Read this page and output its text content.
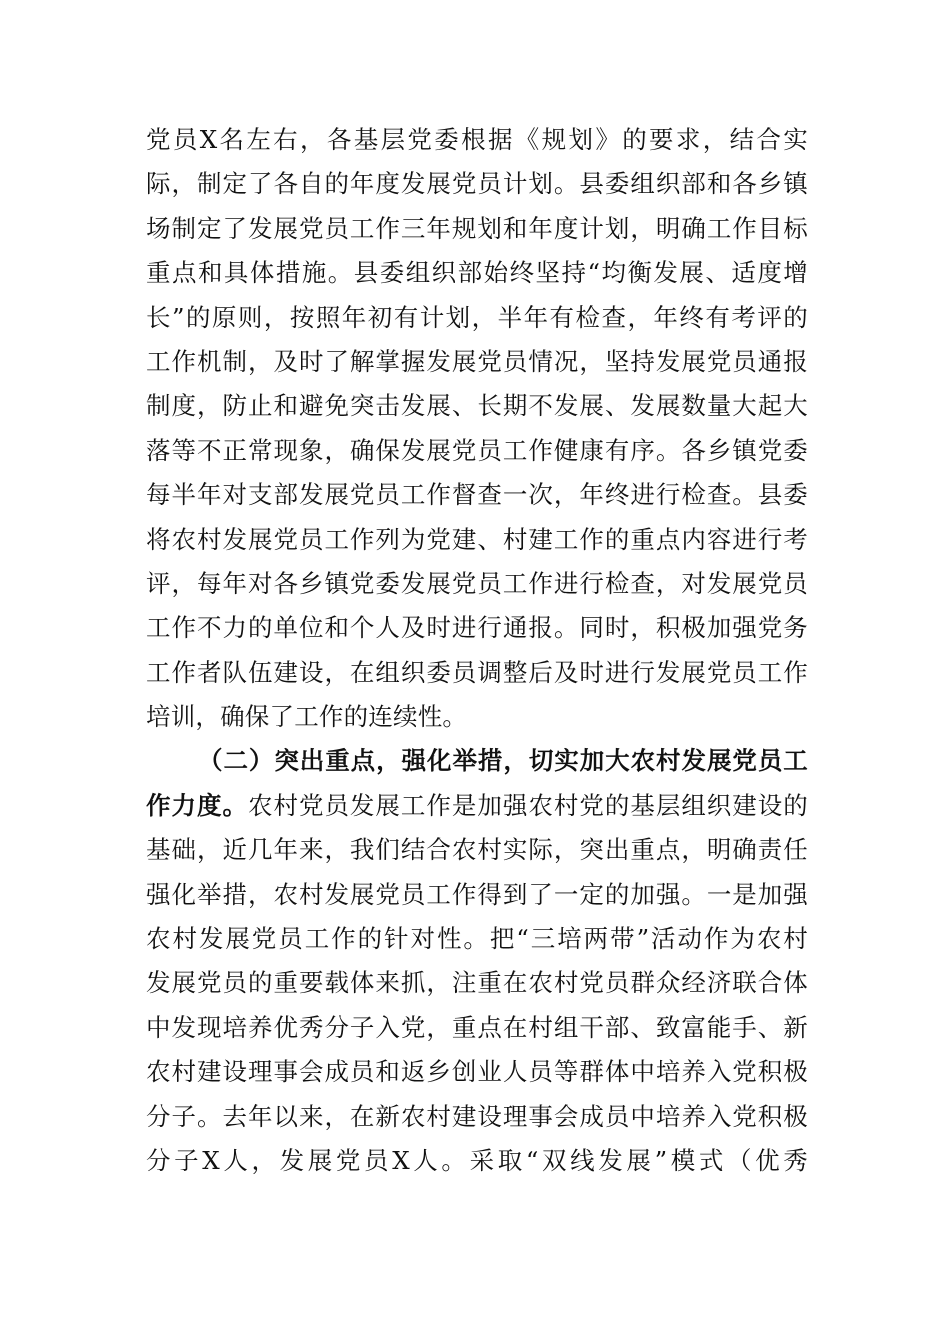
党员X名左右，各基层党委根据《规划》的要求，结合实
际，制定了各自的年度发展党员计划。县委组织部和各乡镇
场制定了发展党员工作三年规划和年度计划，明确工作目标
重点和具体措施。县委组织部始终坚持“均衡发展、适度增
长”的原则，按照年初有计划，半年有检查，年终有考评的
工作机制，及时了解掌握发展党员情况，坚持发展党员通报
制度，防止和避免突击发展、长期不发展、发展数量大起大
落等不正常现象，确保发展党员工作健康有序。各乡镇党委
每半年对支部发展党员工作督查一次，年终进行检查。县委
将农村发展党员工作列为党建、村建工作的重点内容进行考
评，每年对各乡镇党委发展党员工作进行检查，对发展党员
工作不力的单位和个人及时进行通报。同时，积极加强党务
工作者队伍建设，在组织委员调整后及时进行发展党员工作
培训，确保了工作的连续性。
（二）突出重点，强化举措，切实加大农村发展党员工
作力度。农村党员发展工作是加强农村党的基层组织建设的
基础，近几年来，我们结合农村实际，突出重点，明确责任
强化举措，农村发展党员工作得到了一定的加强。一是加强
农村发展党员工作的针对性。把“三培两带”活动作为农村
发展党员的重要载体来抓，注重在农村党员群众经济联合体
中发现培养优秀分子入党，重点在村组干部、致富能手、新
农村建设理事会成员和返乡创业人员等群体中培养入党积极
分子。去年以来，在新农村建设理事会成员中培养入党积极
分子X人，发展党员X人。采取“双线发展”模式（优秀
